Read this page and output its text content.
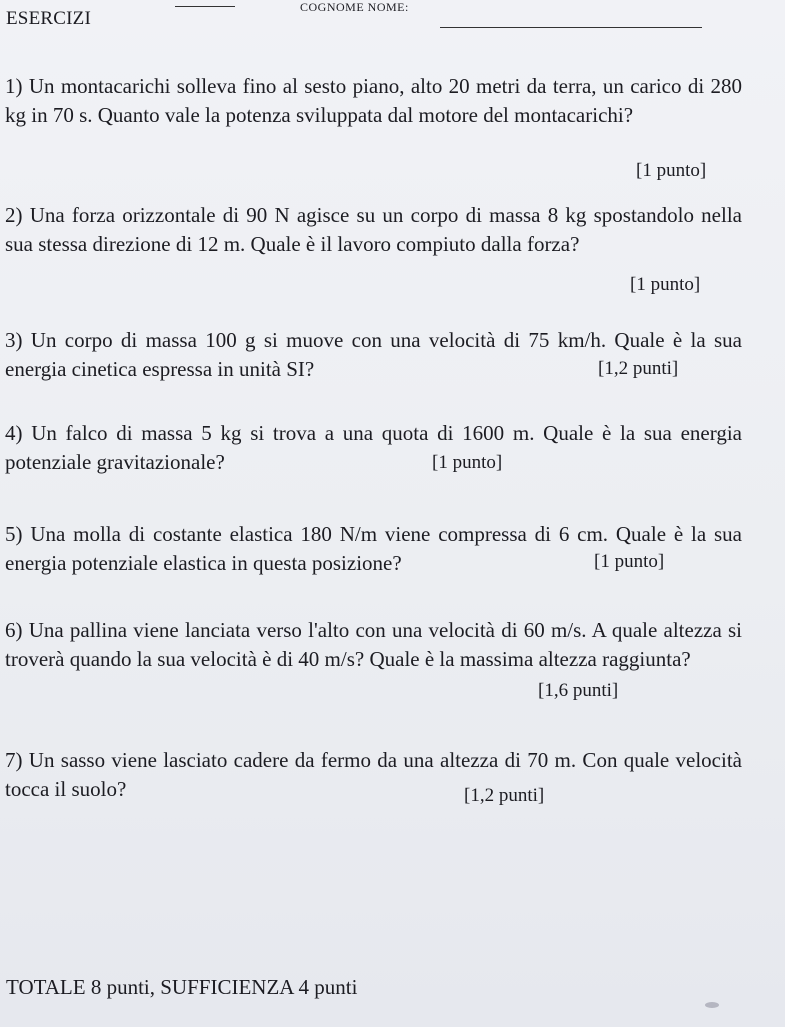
ESERCIZI
COGNOME NOME:
1) Un montacarichi solleva fino al sesto piano, alto 20 metri da terra, un carico di 280 kg in 70 s. Quanto vale la potenza sviluppata dal motore del montacarichi?
[1 punto]
2) Una forza orizzontale di 90 N agisce su un corpo di massa 8 kg spostandolo nella sua stessa direzione di 12 m. Quale è il lavoro compiuto dalla forza?
[1 punto]
3) Un corpo di massa 100 g si muove con una velocità di 75 km/h. Quale è la sua energia cinetica espressa in unità SI?	[1,2 punti]
4) Un falco di massa 5 kg si trova a una quota di 1600 m. Quale è la sua energia potenziale gravitazionale?	[1 punto]
5) Una molla di costante elastica 180 N/m viene compressa di 6 cm. Quale è la sua energia potenziale elastica in questa posizione?	[1 punto]
6) Una pallina viene lanciata verso l'alto con una velocità di 60 m/s. A quale altezza si troverà quando la sua velocità è di 40 m/s? Quale è la massima altezza raggiunta?
[1,6 punti]
7) Un sasso viene lasciato cadere da fermo da una altezza di 70 m. Con quale velocità tocca il suolo?	[1,2 punti]
TOTALE 8 punti, SUFFICIENZA 4 punti
